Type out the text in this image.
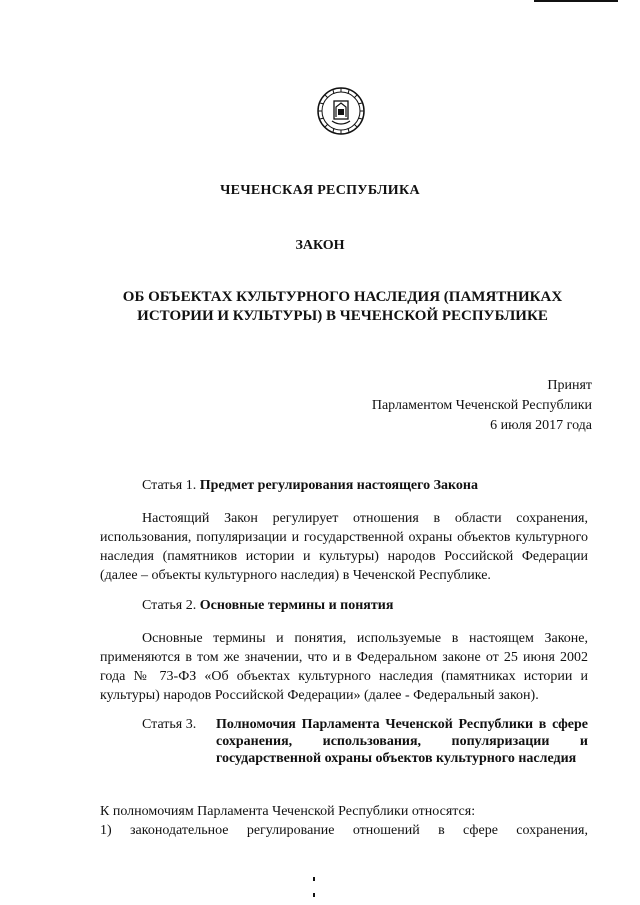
ЧЕЧЕНСКАЯ РЕСПУБЛИКА
ЗАКОН
ОБ ОБЪЕКТАХ КУЛЬТУРНОГО НАСЛЕДИЯ (ПАМЯТНИКАХ
ИСТОРИИ И КУЛЬТУРЫ) В ЧЕЧЕНСКОЙ РЕСПУБЛИКЕ
Принят
Парламентом Чеченской Республики
6 июля 2017 года
Статья 1. Предмет регулирования настоящего Закона
Настоящий Закон регулирует отношения в области сохранения, использования, популяризации и государственной охраны объектов культурного наследия (памятников истории и культуры) народов Российской Федерации (далее – объекты культурного наследия) в Чеченской Республике.
Статья 2. Основные термины и понятия
Основные термины и понятия, используемые в настоящем Законе, применяются в том же значении, что и в Федеральном законе от 25 июня 2002 года № 73-ФЗ «Об объектах культурного наследия (памятниках истории и культуры) народов Российской Федерации» (далее - Федеральный закон).
Статья 3. Полномочия Парламента Чеченской Республики в сфере сохранения, использования, популяризации и государственной охраны объектов культурного наследия
К полномочиям Парламента Чеченской Республики относятся:
1) законодательное регулирование отношений в сфере сохранения,
